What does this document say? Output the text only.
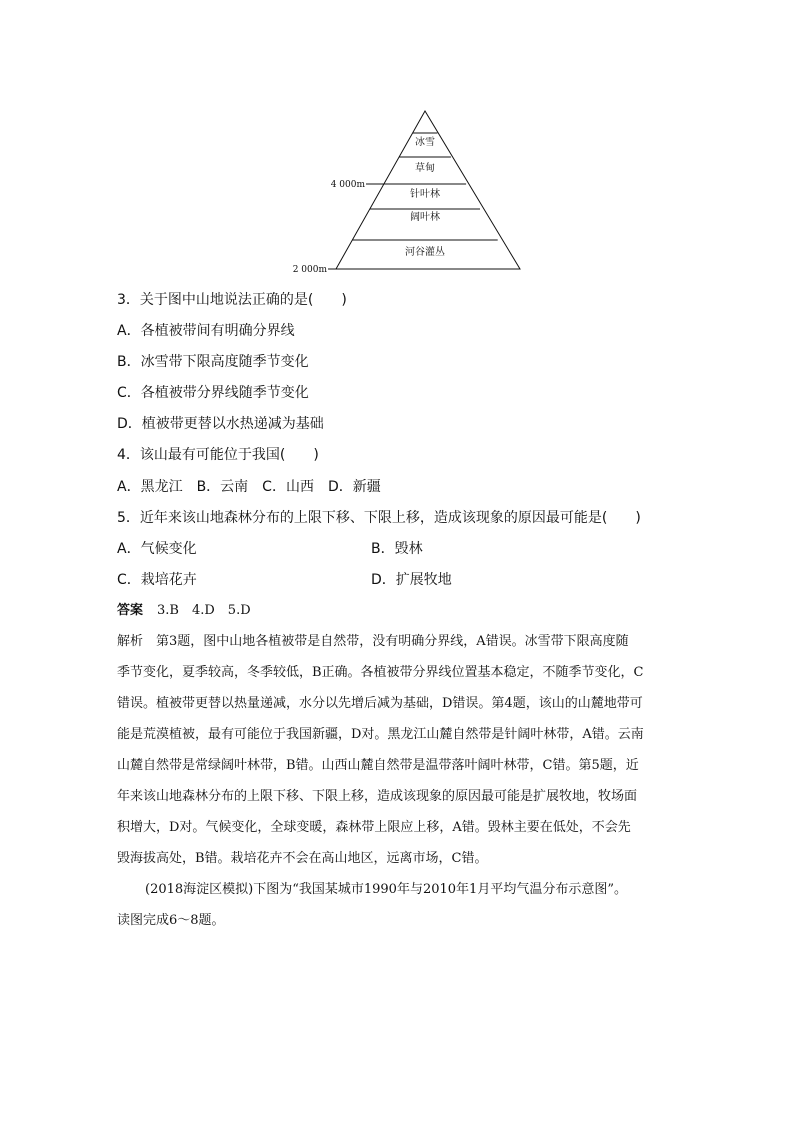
冰雪
草甸
针叶林
阔叶林
河谷灌丛
4 000m
2 000m
3．关于图中山地说法正确的是(　　)
A．各植被带间有明确分界线
B．冰雪带下限高度随季节变化
C．各植被带分界线随季节变化
D．植被带更替以水热递减为基础
4．该山最有可能位于我国(　　)
A．黑龙江　B．云南　C．山西　D．新疆
5．近年来该山地森林分布的上限下移、下限上移，造成该现象的原因最可能是(　　)
A．气候变化	B．毁林
C．栽培花卉	D．扩展牧地
答案 3.B　4.D　5.D
解析　第3题，图中山地各植被带是自然带，没有明确分界线，A错误。冰雪带下限高度随
季节变化，夏季较高，冬季较低，B正确。各植被带分界线位置基本稳定，不随季节变化，C
错误。植被带更替以热量递减，水分以先增后减为基础，D错误。第4题，该山的山麓地带可
能是荒漠植被，最有可能位于我国新疆，D对。黑龙江山麓自然带是针阔叶林带，A错。云南
山麓自然带是常绿阔叶林带，B错。山西山麓自然带是温带落叶阔叶林带，C错。第5题，近
年来该山地森林分布的上限下移、下限上移，造成该现象的原因最可能是扩展牧地，牧场面
积增大，D对。气候变化，全球变暖，森林带上限应上移，A错。毁林主要在低处，不会先
毁海拔高处，B错。栽培花卉不会在高山地区，远离市场，C错。
(2018海淀区模拟)下图为“我国某城市1990年与2010年1月平均气温分布示意图”。
读图完成6～8题。
